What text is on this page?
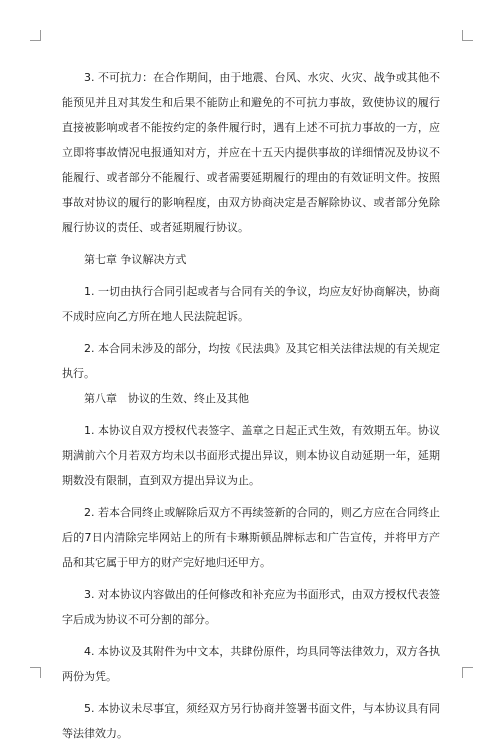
3. 不可抗力：在合作期间，由于地震、台风、水灾、火灾、战争或其他不能预见并且对其发生和后果不能防止和避免的不可抗力事故，致使协议的履行直接被影响或者不能按约定的条件履行时，遇有上述不可抗力事故的一方，应立即将事故情况电报通知对方，并应在十五天内提供事故的详细情况及协议不能履行、或者部分不能履行、或者需要延期履行的理由的有效证明文件。按照事故对协议的履行的影响程度，由双方协商决定是否解除协议、或者部分免除履行协议的责任、或者延期履行协议。

第七章 争议解决方式

1. 一切由执行合同引起或者与合同有关的争议，均应友好协商解决，协商不成时应向乙方所在地人民法院起诉。

2. 本合同未涉及的部分，均按《民法典》及其它相关法律法规的有关规定执行。

第八章　协议的生效、终止及其他

1. 本协议自双方授权代表签字、盖章之日起正式生效，有效期五年。协议期满前六个月若双方均未以书面形式提出异议，则本协议自动延期一年，延期期数没有限制，直到双方提出异议为止。

2. 若本合同终止或解除后双方不再续签新的合同的，则乙方应在合同终止后的7日内清除完毕网站上的所有卡琳斯顿品牌标志和广告宣传，并将甲方产品和其它属于甲方的财产完好地归还甲方。

3. 对本协议内容做出的任何修改和补充应为书面形式，由双方授权代表签字后成为协议不可分割的部分。

4. 本协议及其附件为中文本，共肆份原件，均具同等法律效力，双方各执两份为凭。

5. 本协议未尽事宜，须经双方另行协商并签署书面文件，与本协议具有同等法律效力。
